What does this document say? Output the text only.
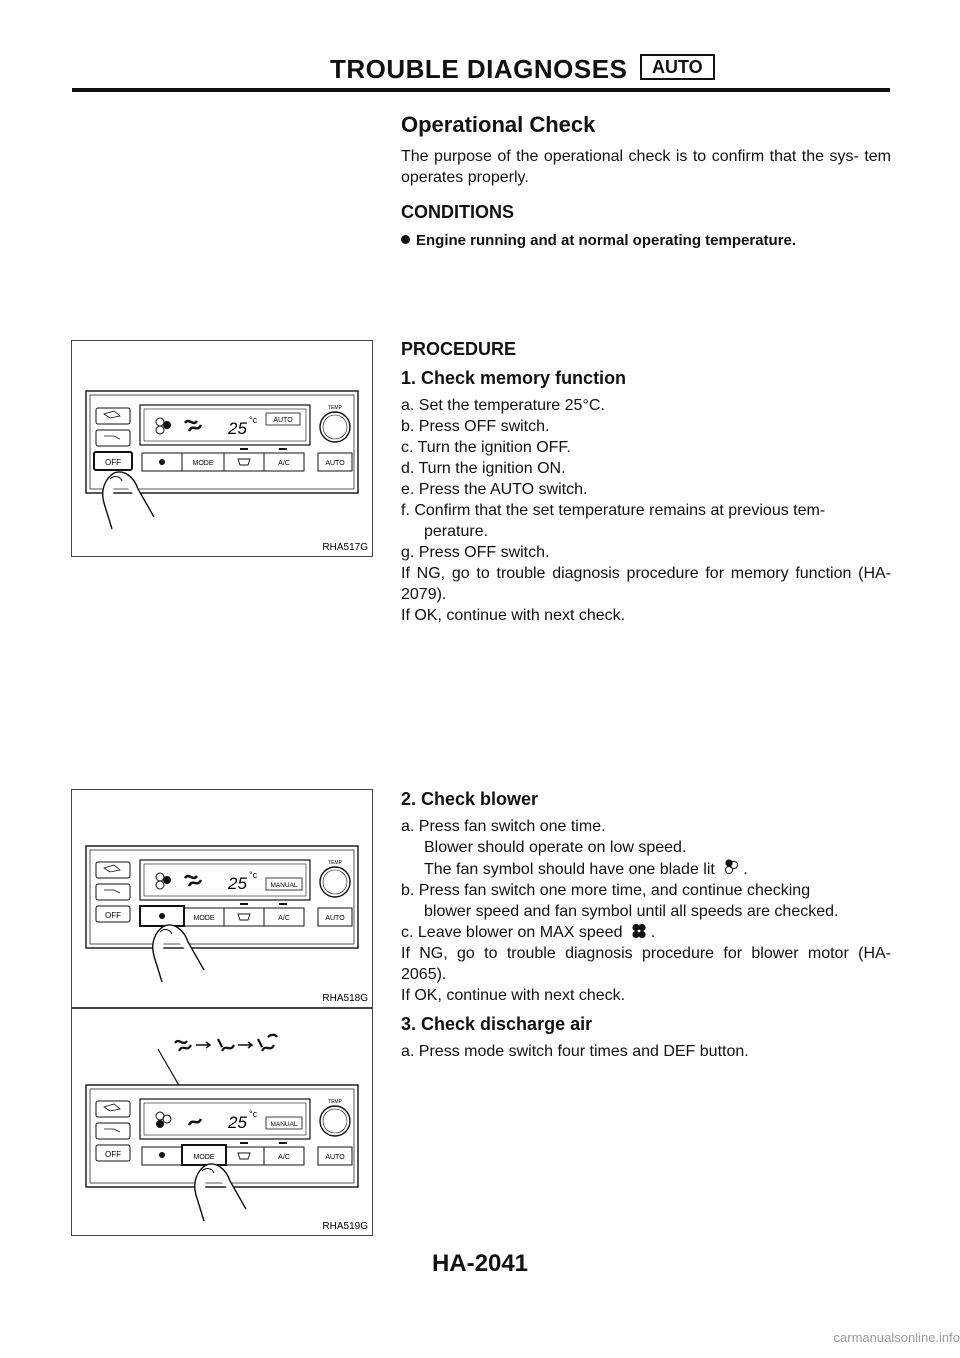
TROUBLE DIAGNOSES	AUTO
Operational Check
The purpose of the operational check is to confirm that the sys- tem operates properly.
CONDITIONS
Engine running and at normal operating temperature.
PROCEDURE
1. Check memory function
a. Set the temperature 25°C.
b. Press OFF switch.
c. Turn the ignition OFF.
d. Turn the ignition ON.
e. Press the AUTO switch.
f. Confirm that the set temperature remains at previous tem-
perature.
g. Press OFF switch.
If NG, go to trouble diagnosis procedure for memory function (HA-2079).
If OK, continue with next check.
2. Check blower
a. Press fan switch one time.
Blower should operate on low speed.
The fan symbol should have one blade lit .
b. Press fan switch one more time, and continue checking
blower speed and fan symbol until all speeds are checked.
c. Leave blower on MAX speed .
If NG, go to trouble diagnosis procedure for blower motor (HA- 2065).
If OK, continue with next check.
3. Check discharge air
a. Press mode switch four times and DEF button.
OFF
25 °c AUTO
TEMP
MODE	A/C	AUTO
RHA517G
OFF
25 °c
MANUAL
TEMP
MODE	A/C	AUTO
RHA518G
OFF
25 °c
MANUAL
TEMP
MODE	A/C	AUTO
RHA519G
HA-2041
carmanualsonline.info
